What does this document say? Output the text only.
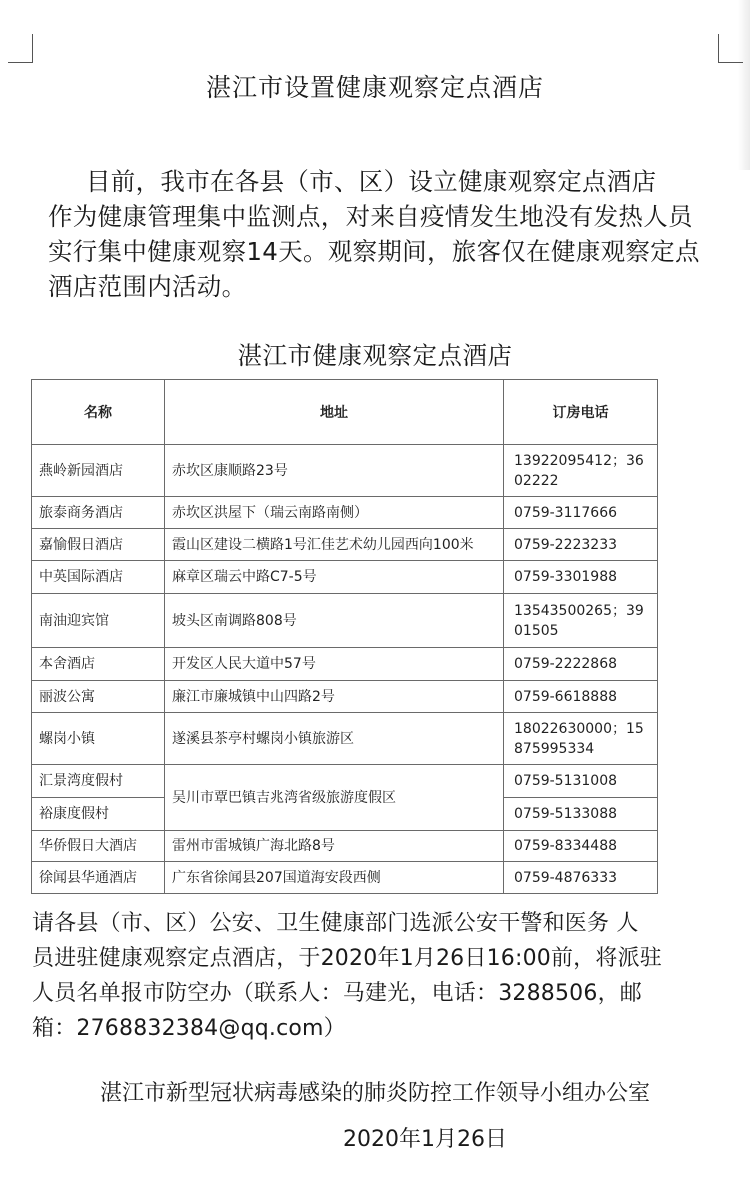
湛江市设置健康观察定点酒店
目前，我市在各县（市、区）设立健康观察定点酒店
作为健康管理集中监测点，对来自疫情发生地没有发热人员
实行集中健康观察14天。观察期间，旅客仅在健康观察定点
酒店范围内活动。
湛江市健康观察定点酒店
名称	地址	订房电话
燕岭新园酒店	赤坎区康顺路23号	13922095412；3602222
旅泰商务酒店	赤坎区洪屋下（瑞云南路南侧）	0759-3117666
嘉愉假日酒店	霞山区建设二横路1号汇佳艺术幼儿园西向100米	0759-2223233
中英国际酒店	麻章区瑞云中路C7-5号	0759-3301988
南油迎宾馆	坡头区南调路808号	13543500265；3901505
本舍酒店	开发区人民大道中57号	0759-2222868
丽波公寓	廉江市廉城镇中山四路2号	0759-6618888
螺岗小镇	遂溪县茶亭村螺岗小镇旅游区	18022630000；15875995334
汇景湾度假村	吴川市覃巴镇吉兆湾省级旅游度假区	0759-5131008
裕康度假村		0759-5133088
华侨假日大酒店	雷州市雷城镇广海北路8号	0759-8334488
徐闻县华通酒店	广东省徐闻县207国道海安段西侧	0759-4876333
请各县（市、区）公安、卫生健康部门选派公安干警和医务 人
员进驻健康观察定点酒店，于2020年1月26日16:00前，将派驻
人员名单报市防空办（联系人：马建光，电话：3288506，邮
箱：2768832384@qq.com）
湛江市新型冠状病毒感染的肺炎防控工作领导小组办公室
2020年1月26日
